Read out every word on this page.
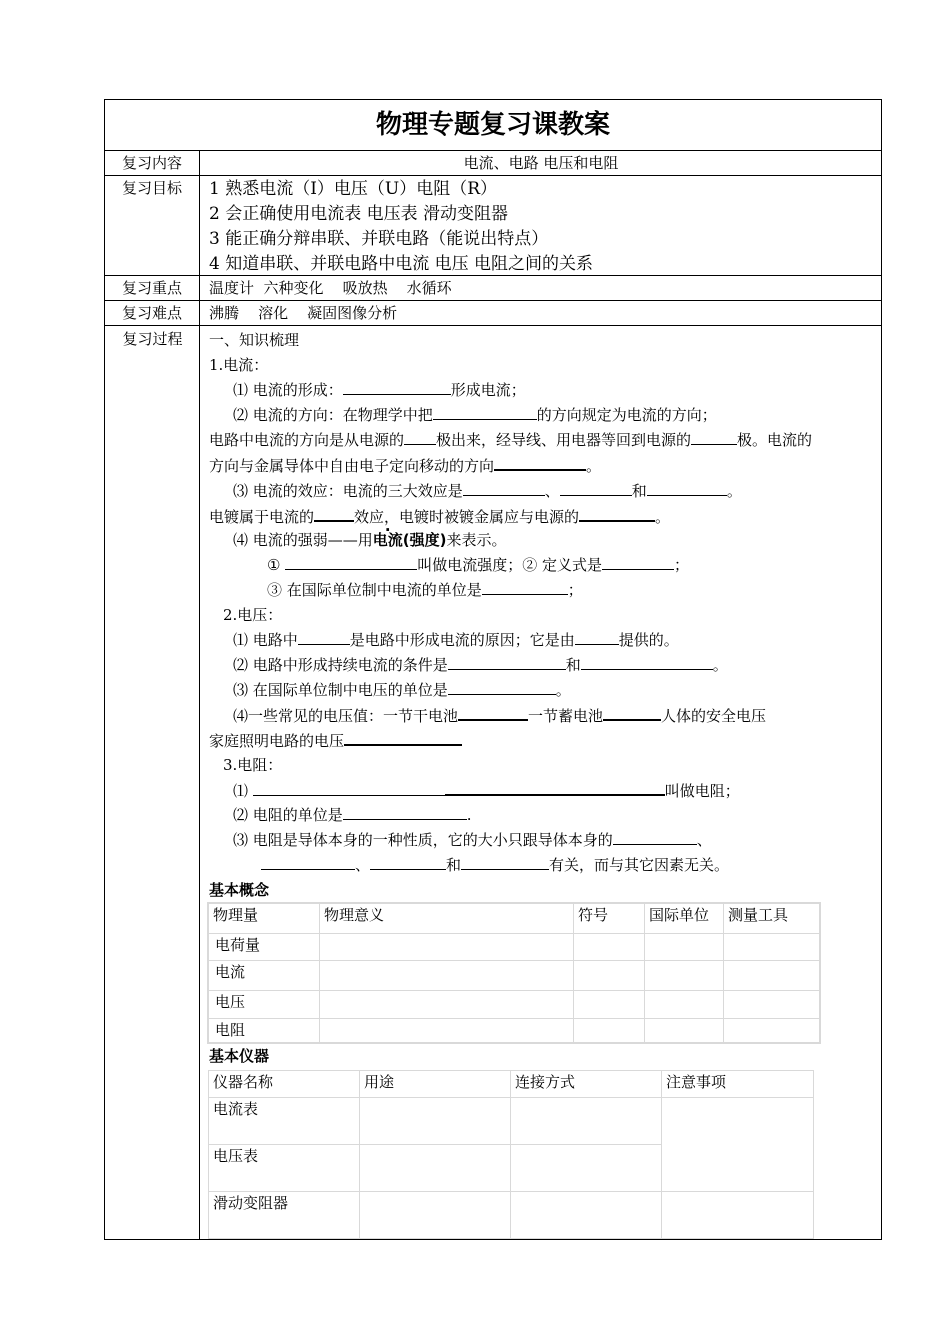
物理专题复习课教案
复习内容	电流、电路 电压和电阻
复习目标	1 熟悉电流（I）电压（U）电阻（R）
2 会正确使用电流表 电压表 滑动变阻器
3 能正确分辩串联、并联电路（能说出特点）
4 知道串联、并联电路中电流 电压 电阻之间的关系
复习重点	温度计  六种变化    吸放热    水循环
复习难点	沸腾    溶化    凝固图像分析
复习过程	一、知识梳理
1.电流：
⑴ 电流的形成：	形成电流；
⑵ 电流的方向：在物理学中把	的方向规定为电流的方向；
电路中电流的方向是从电源的 极出来，经导线、用电器等回到电源的	极。电流的
方向与金属导体中自由电子定向移动的方向	。
⑶ 电流的效应：电流的三大效应是	、	和	。
电镀属于电流的	效应，电镀时被镀金属应与电源的	。
⑷ 电流的强弱——用电流(强度)来表示。
①	叫做电流强度；② 定义式是	；
③ 在国际单位制中电流的单位是	；
2.电压：
⑴ 电路中	是电路中形成电流的原因；它是由	提供的。
⑵ 电路中形成持续电流的条件是	和	。
⑶ 在国际单位制中电压的单位是	。
⑷一些常见的电压值：一节干电池	一节蓄电池	人体的安全电压
家庭照明电路的电压
3.电阻：
⑴	叫做电阻；
⑵ 电阻的单位是	.
⑶ 电阻是导体本身的一种性质，它的大小只跟导体本身的	、
、	和	有关，而与其它因素无关。
基本概念
物理量	物理意义	符号	国际单位	测量工具
电荷量				
电流				
电压				
电阻				
基本仪器
仪器名称	用途	连接方式	注意事项
电流表			
电压表			
滑动变阻器			
